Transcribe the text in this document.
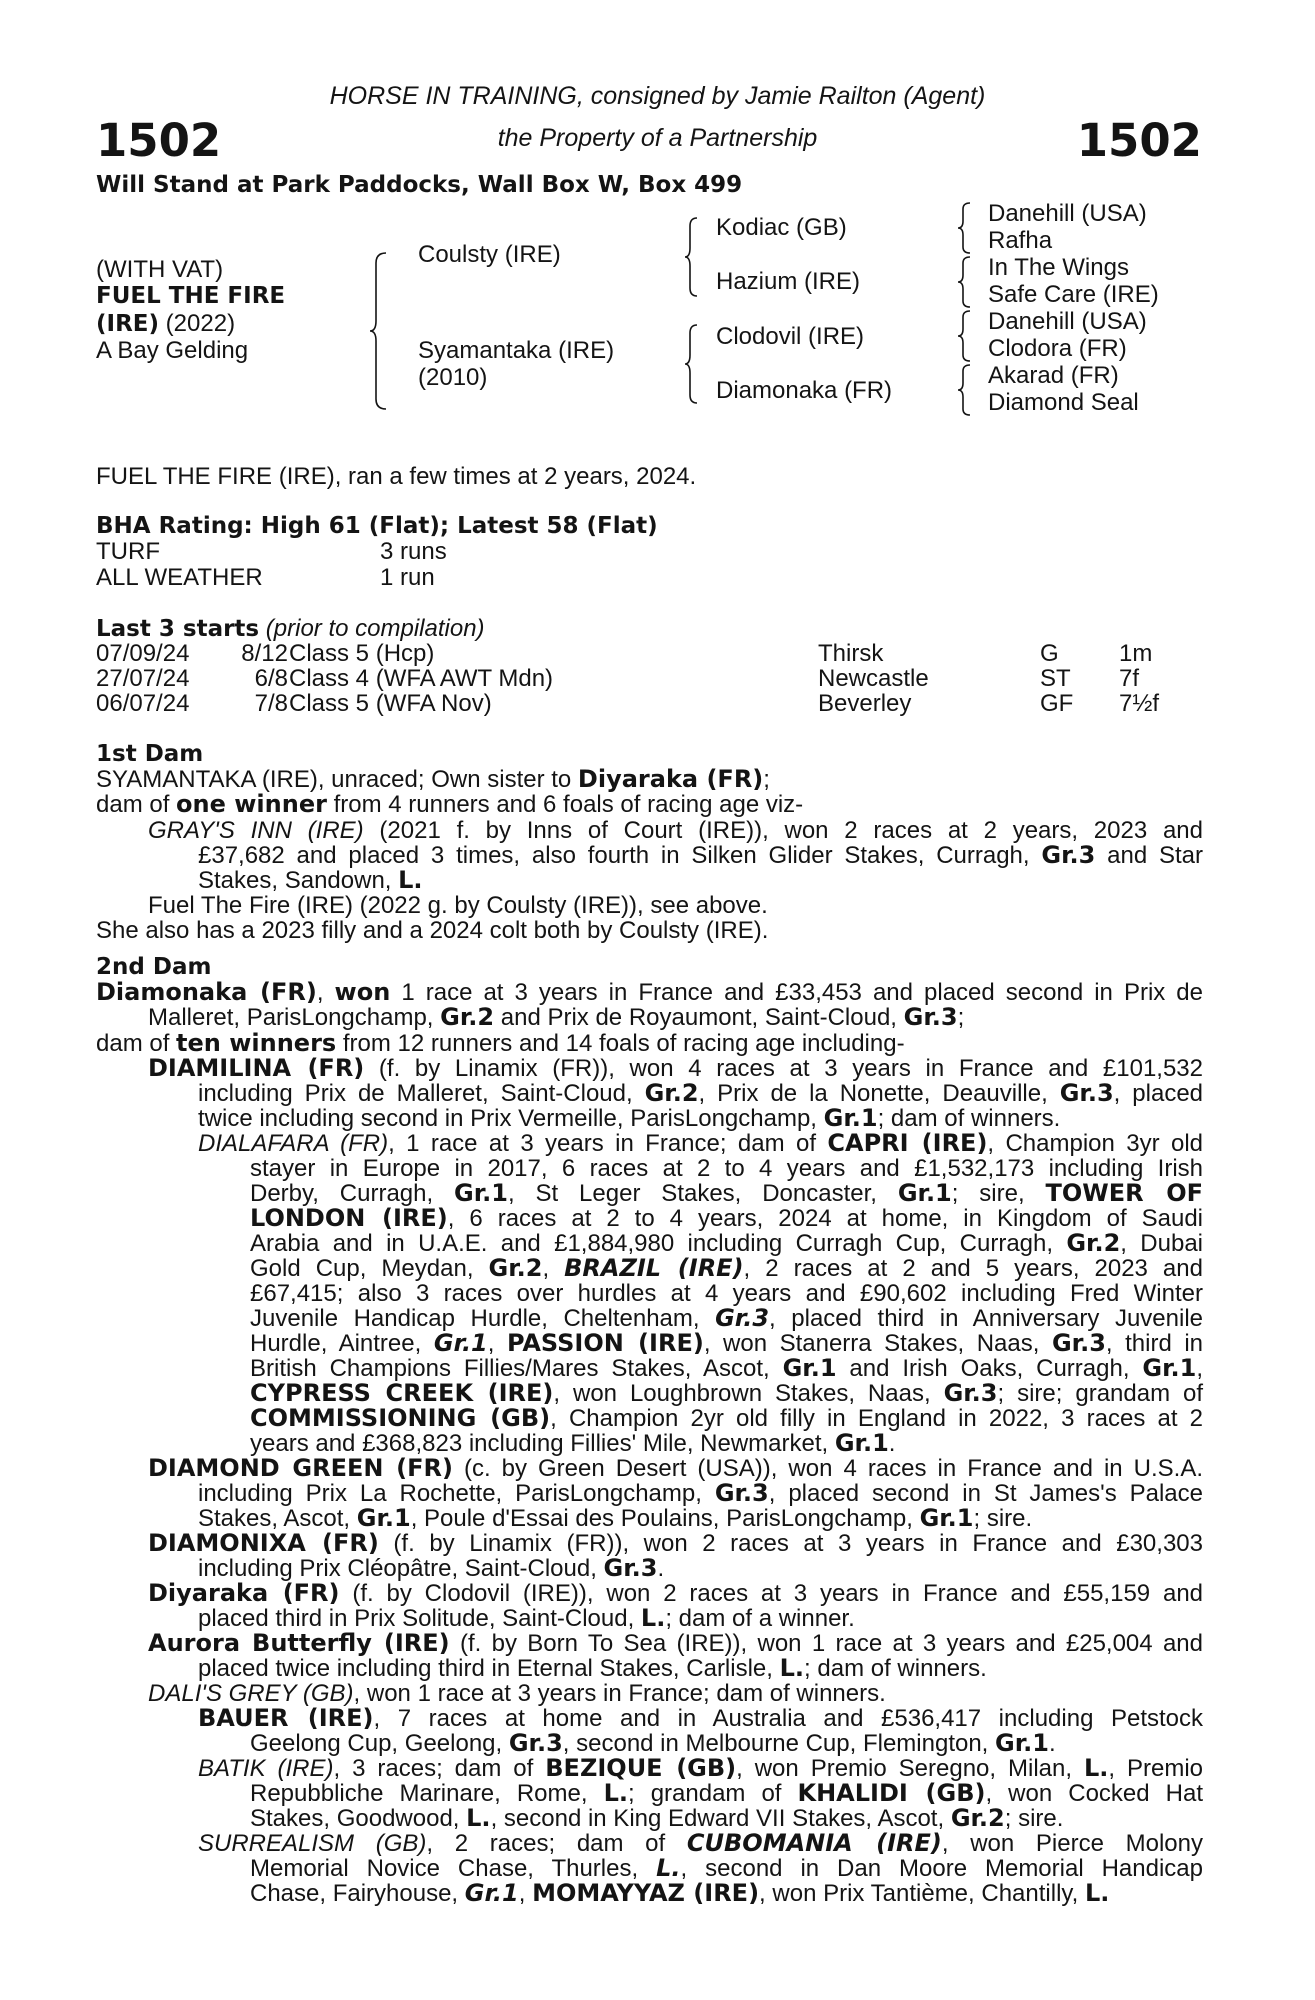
1502	1502
HORSE IN TRAINING, consigned by Jamie Railton (Agent)
the Property of a Partnership
Will Stand at Park Paddocks, Wall Box W, Box 499
(WITH VAT)
FUEL THE FIRE
(IRE) (2022)
A Bay Gelding
Coulsty (IRE)
Syamantaka (IRE)
(2010)
Kodiac (GB)
Hazium (IRE)
Clodovil (IRE)
Diamonaka (FR)
Danehill (USA)
Rafha
In The Wings
Safe Care (IRE)
Danehill (USA)
Clodora (FR)
Akarad (FR)
Diamond Seal
FUEL THE FIRE (IRE), ran a few times at 2 years, 2024.
BHA Rating: High 61 (Flat); Latest 58 (Flat)
TURF	3 runs
ALL WEATHER	1 run
Last 3 starts (prior to compilation)
07/09/24	8/12 Class 5 (Hcp)	Thirsk	G	1m
27/07/24	6/8 Class 4 (WFA AWT Mdn)	Newcastle	ST 7f
06/07/24	7/8 Class 5 (WFA Nov)	Beverley	GF 7½f
1st Dam
SYAMANTAKA (IRE), unraced; Own sister to Diyaraka (FR);
dam of one winner from 4 runners and 6 foals of racing age viz-
GRAY'S INN (IRE) (2021 f. by Inns of Court (IRE)), won 2 races at 2 years, 2023 and
£37,682 and placed 3 times, also fourth in Silken Glider Stakes, Curragh, Gr.3 and Star
Stakes, Sandown, L.
Fuel The Fire (IRE) (2022 g. by Coulsty (IRE)), see above.
She also has a 2023 filly and a 2024 colt both by Coulsty (IRE).
2nd Dam
Diamonaka (FR), won 1 race at 3 years in France and £33,453 and placed second in Prix de
Malleret, ParisLongchamp, Gr.2 and Prix de Royaumont, Saint-Cloud, Gr.3;
dam of ten winners from 12 runners and 14 foals of racing age including-
DIAMILINA (FR) (f. by Linamix (FR)), won 4 races at 3 years in France and £101,532
including Prix de Malleret, Saint-Cloud, Gr.2, Prix de la Nonette, Deauville, Gr.3, placed
twice including second in Prix Vermeille, ParisLongchamp, Gr.1; dam of winners.
DIALAFARA (FR), 1 race at 3 years in France; dam of CAPRI (IRE), Champion 3yr old
stayer in Europe in 2017, 6 races at 2 to 4 years and £1,532,173 including Irish
Derby, Curragh, Gr.1, St Leger Stakes, Doncaster, Gr.1; sire, TOWER OF
LONDON (IRE), 6 races at 2 to 4 years, 2024 at home, in Kingdom of Saudi
Arabia and in U.A.E. and £1,884,980 including Curragh Cup, Curragh, Gr.2, Dubai
Gold Cup, Meydan, Gr.2, BRAZIL (IRE), 2 races at 2 and 5 years, 2023 and
£67,415; also 3 races over hurdles at 4 years and £90,602 including Fred Winter
Juvenile Handicap Hurdle, Cheltenham, Gr.3, placed third in Anniversary Juvenile
Hurdle, Aintree, Gr.1, PASSION (IRE), won Stanerra Stakes, Naas, Gr.3, third in
British Champions Fillies/Mares Stakes, Ascot, Gr.1 and Irish Oaks, Curragh, Gr.1,
CYPRESS CREEK (IRE), won Loughbrown Stakes, Naas, Gr.3; sire; grandam of
COMMISSIONING (GB), Champion 2yr old filly in England in 2022, 3 races at 2
years and £368,823 including Fillies' Mile, Newmarket, Gr.1.
DIAMOND GREEN (FR) (c. by Green Desert (USA)), won 4 races in France and in U.S.A.
including Prix La Rochette, ParisLongchamp, Gr.3, placed second in St James's Palace
Stakes, Ascot, Gr.1, Poule d'Essai des Poulains, ParisLongchamp, Gr.1; sire.
DIAMONIXA (FR) (f. by Linamix (FR)), won 2 races at 3 years in France and £30,303
including Prix Cléopâtre, Saint-Cloud, Gr.3.
Diyaraka (FR) (f. by Clodovil (IRE)), won 2 races at 3 years in France and £55,159 and
placed third in Prix Solitude, Saint-Cloud, L.; dam of a winner.
Aurora Butterfly (IRE) (f. by Born To Sea (IRE)), won 1 race at 3 years and £25,004 and
placed twice including third in Eternal Stakes, Carlisle, L.; dam of winners.
DALI'S GREY (GB), won 1 race at 3 years in France; dam of winners.
BAUER (IRE), 7 races at home and in Australia and £536,417 including Petstock
Geelong Cup, Geelong, Gr.3, second in Melbourne Cup, Flemington, Gr.1.
BATIK (IRE), 3 races; dam of BEZIQUE (GB), won Premio Seregno, Milan, L., Premio
Repubbliche Marinare, Rome, L.; grandam of KHALIDI (GB), won Cocked Hat
Stakes, Goodwood, L., second in King Edward VII Stakes, Ascot, Gr.2; sire.
SURREALISM (GB), 2 races; dam of CUBOMANIA (IRE), won Pierce Molony
Memorial Novice Chase, Thurles, L., second in Dan Moore Memorial Handicap
Chase, Fairyhouse, Gr.1, MOMAYYAZ (IRE), won Prix Tantième, Chantilly, L.
